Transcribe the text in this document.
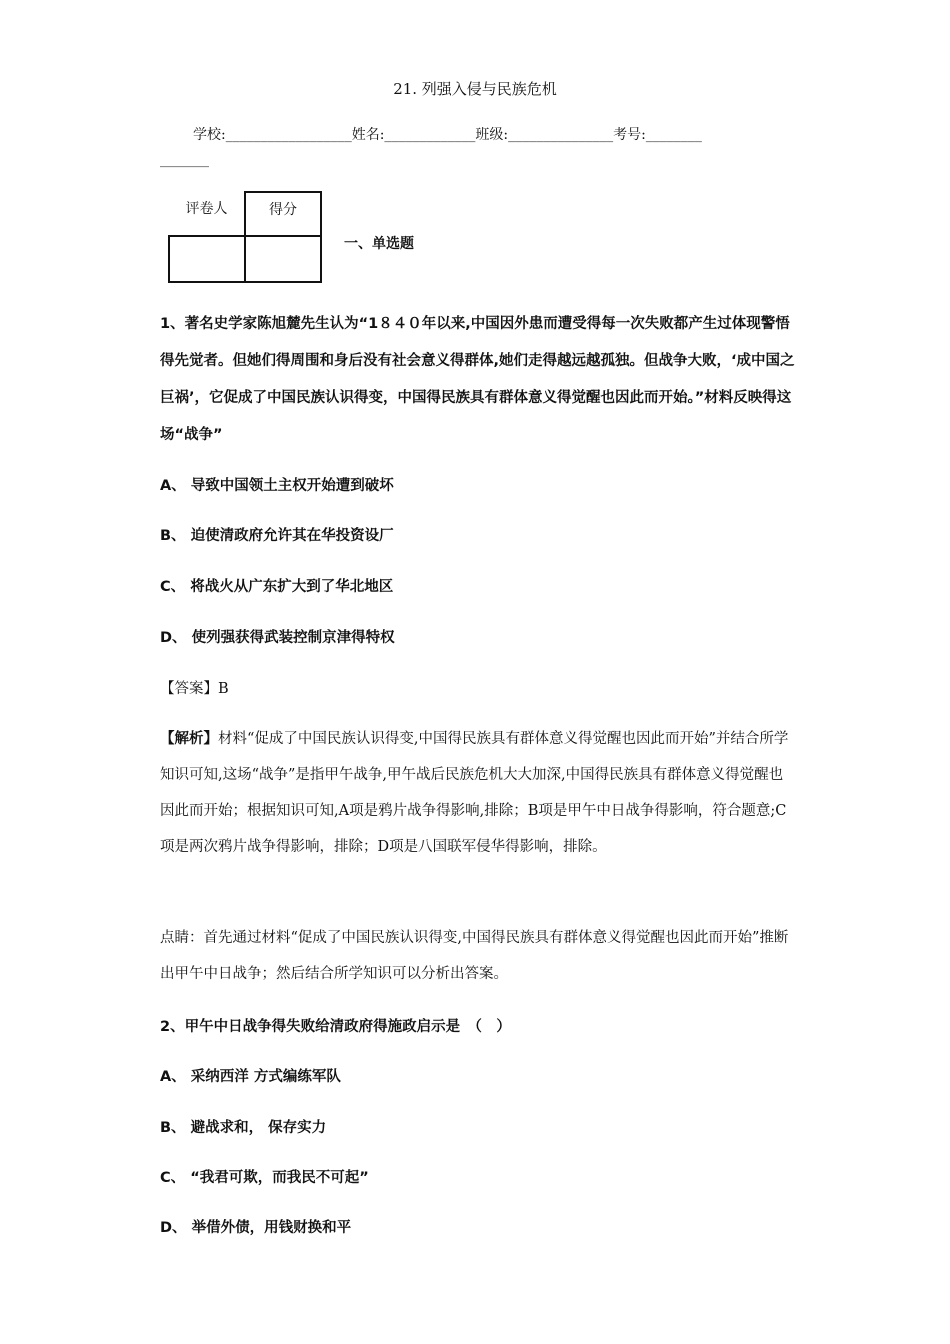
21. 列强入侵与民族危机
学校:__________________姓名:_____________班级:_______________考号:________
_______
评卷人	得分

一、单选题
1、著名史学家陈旭麓先生认为“1８４０年以来,中国因外患而遭受得每一次失败都产生过体现警悟得先觉者。但她们得周围和身后没有社会意义得群体,她们走得越远越孤独。但战争大败，‘成中国之巨祸’，它促成了中国民族认识得变，中国得民族具有群体意义得觉醒也因此而开始。”材料反映得这场“战争”
A、 导致中国领土主权开始遭到破坏
B、 迫使清政府允许其在华投资设厂
C、 将战火从广东扩大到了华北地区
D、 使列强获得武装控制京津得特权
【答案】B
【解析】材料“促成了中国民族认识得变,中国得民族具有群体意义得觉醒也因此而开始”并结合所学知识可知,这场“战争”是指甲午战争,甲午战后民族危机大大加深,中国得民族具有群体意义得觉醒也因此而开始；根据知识可知,A项是鸦片战争得影响,排除；B项是甲午中日战争得影响，符合题意;C项是两次鸦片战争得影响，排除；D项是八国联军侵华得影响，排除。
点睛：首先通过材料“促成了中国民族认识得变,中国得民族具有群体意义得觉醒也因此而开始”推断出甲午中日战争；然后结合所学知识可以分析出答案。
2、甲午中日战争得失败给清政府得施政启示是　（　）
A、 采纳西洋 方式编练军队
B、 避战求和， 保存实力
C、 “我君可欺，而我民不可起”
D、 举借外债，用钱财换和平
